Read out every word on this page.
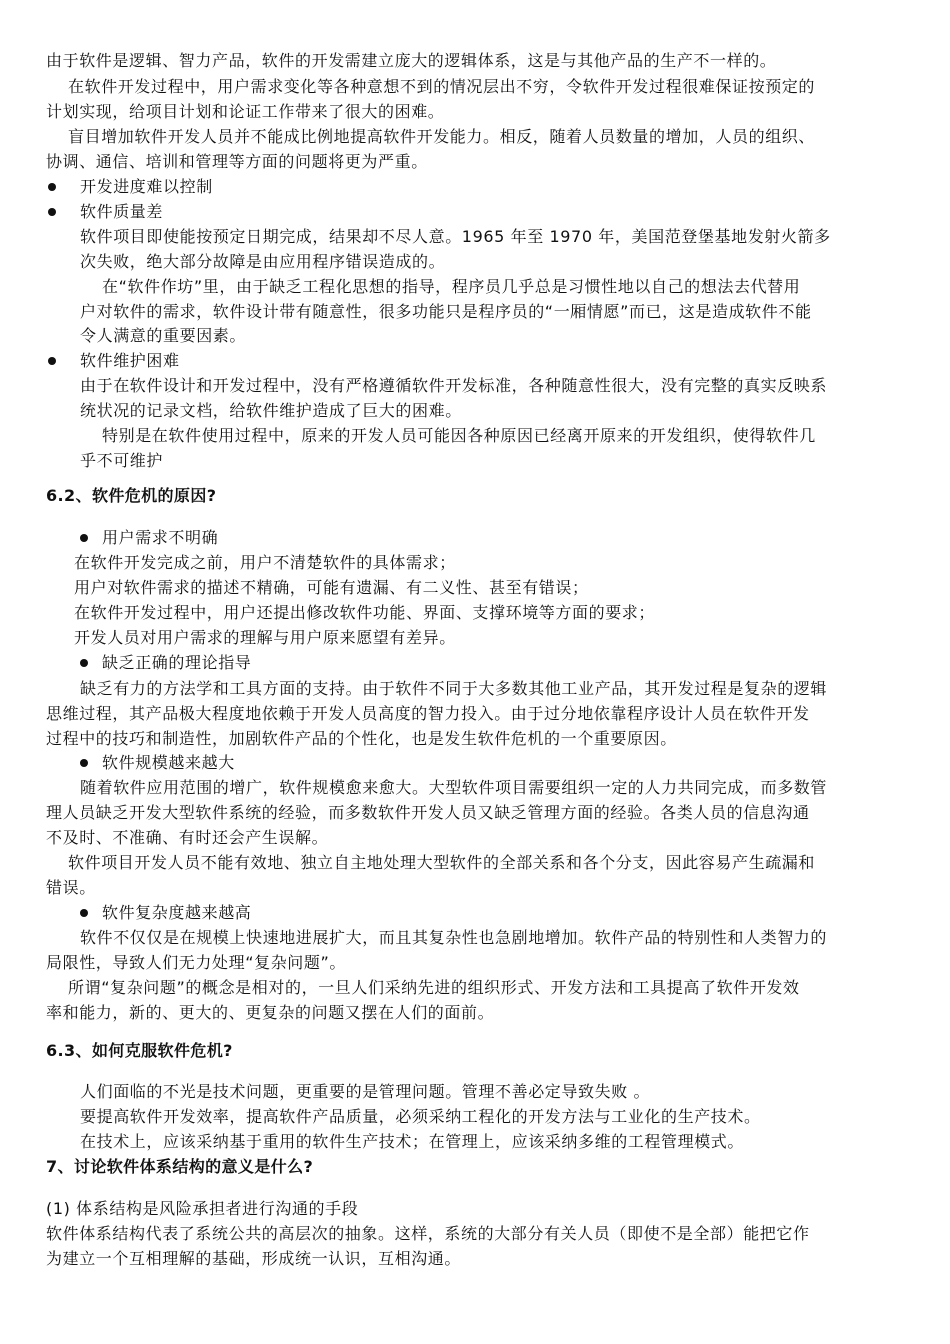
由于软件是逻辑、智力产品，软件的开发需建立庞大的逻辑体系，这是与其他产品的生产不一样的。
在软件开发过程中，用户需求变化等各种意想不到的情况层出不穷，令软件开发过程很难保证按预定的
计划实现，给项目计划和论证工作带来了很大的困难。
盲目增加软件开发人员并不能成比例地提高软件开发能力。相反，随着人员数量的增加，人员的组织、
协调、通信、培训和管理等方面的问题将更为严重。
开发进度难以控制
软件质量差
软件项目即使能按预定日期完成，结果却不尽人意。1965 年至 1970 年，美国范登堡基地发射火箭多
次失败，绝大部分故障是由应用程序错误造成的。
在“软件作坊”里，由于缺乏工程化思想的指导，程序员几乎总是习惯性地以自己的想法去代替用
户对软件的需求，软件设计带有随意性，很多功能只是程序员的“一厢情愿”而已，这是造成软件不能
令人满意的重要因素。
软件维护困难
由于在软件设计和开发过程中，没有严格遵循软件开发标准，各种随意性很大，没有完整的真实反映系
统状况的记录文档，给软件维护造成了巨大的困难。
特别是在软件使用过程中，原来的开发人员可能因各种原因已经离开原来的开发组织，使得软件几
乎不可维护
6.2、软件危机的原因?
用户需求不明确
在软件开发完成之前，用户不清楚软件的具体需求；
用户对软件需求的描述不精确，可能有遗漏、有二义性、甚至有错误；
在软件开发过程中，用户还提出修改软件功能、界面、支撑环境等方面的要求；
开发人员对用户需求的理解与用户原来愿望有差异。
缺乏正确的理论指导
缺乏有力的方法学和工具方面的支持。由于软件不同于大多数其他工业产品，其开发过程是复杂的逻辑
思维过程，其产品极大程度地依赖于开发人员高度的智力投入。由于过分地依靠程序设计人员在软件开发
过程中的技巧和制造性，加剧软件产品的个性化，也是发生软件危机的一个重要原因。
软件规模越来越大
随着软件应用范围的增广，软件规模愈来愈大。大型软件项目需要组织一定的人力共同完成，而多数管
理人员缺乏开发大型软件系统的经验，而多数软件开发人员又缺乏管理方面的经验。各类人员的信息沟通
不及时、不准确、有时还会产生误解。
软件项目开发人员不能有效地、独立自主地处理大型软件的全部关系和各个分支，因此容易产生疏漏和
错误。
软件复杂度越来越高
软件不仅仅是在规模上快速地进展扩大，而且其复杂性也急剧地增加。软件产品的特别性和人类智力的
局限性，导致人们无力处理“复杂问题”。
所谓“复杂问题”的概念是相对的，一旦人们采纳先进的组织形式、开发方法和工具提高了软件开发效
率和能力，新的、更大的、更复杂的问题又摆在人们的面前。
6.3、如何克服软件危机?
人们面临的不光是技术问题，更重要的是管理问题。管理不善必定导致失败 。
要提高软件开发效率，提高软件产品质量，必须采纳工程化的开发方法与工业化的生产技术。
在技术上，应该采纳基于重用的软件生产技术；在管理上，应该采纳多维的工程管理模式。
7、讨论软件体系结构的意义是什么?
(1) 体系结构是风险承担者进行沟通的手段
软件体系结构代表了系统公共的高层次的抽象。这样，系统的大部分有关人员（即使不是全部）能把它作
为建立一个互相理解的基础，形成统一认识，互相沟通。
